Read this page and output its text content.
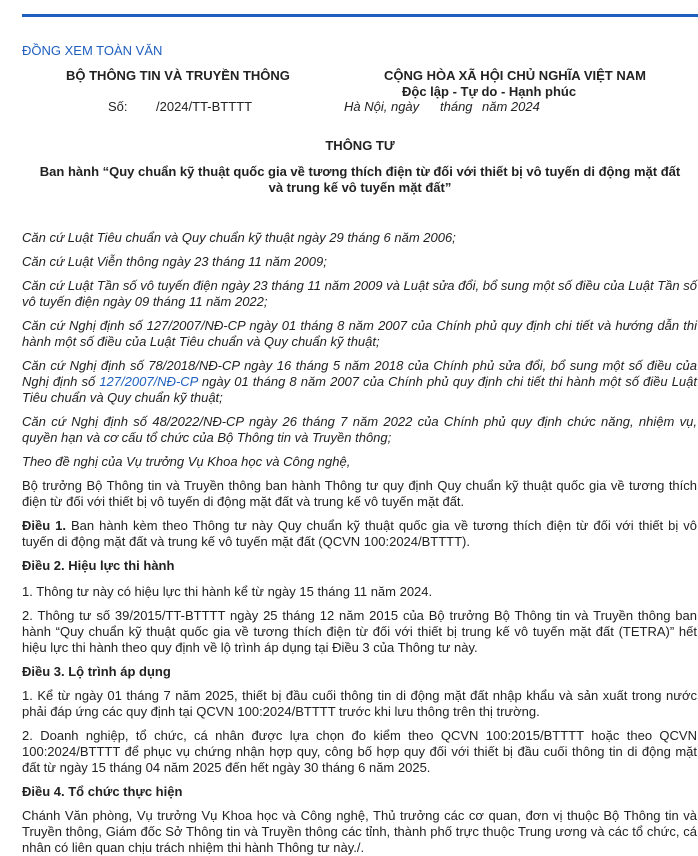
ĐỒNG XEM TOÀN VĂN
BỘ THÔNG TIN VÀ TRUYỀN THÔNG	CỘNG HÒA XÃ HỘI CHỦ NGHĨA VIỆT NAM
Độc lập - Tự do - Hạnh phúc
Số: /2024/TT-BTTTT	Hà Nội, ngày tháng năm 2024
THÔNG TƯ
Ban hành “Quy chuẩn kỹ thuật quốc gia về tương thích điện từ đối với thiết bị vô tuyến di động mặt đất
và trung kế vô tuyến mặt đất”
Căn cứ Luật Tiêu chuẩn và Quy chuẩn kỹ thuật ngày 29 tháng 6 năm 2006;
Căn cứ Luật Viễn thông ngày 23 tháng 11 năm 2009;
Căn cứ Luật Tần số vô tuyến điện ngày 23 tháng 11 năm 2009 và Luật sửa đổi, bổ sung một số điều của Luật Tần số vô tuyến điện ngày 09 tháng 11 năm 2022;
Căn cứ Nghị định số 127/2007/NĐ-CP ngày 01 tháng 8 năm 2007 của Chính phủ quy định chi tiết và hướng dẫn thi hành một số điều của Luật Tiêu chuẩn và Quy chuẩn kỹ thuật;
Căn cứ Nghị định số 78/2018/NĐ-CP ngày 16 tháng 5 năm 2018 của Chính phủ sửa đổi, bổ sung một số điều của Nghị định số 127/2007/NĐ-CP ngày 01 tháng 8 năm 2007 của Chính phủ quy định chi tiết thi hành một số điều Luật Tiêu chuẩn và Quy chuẩn kỹ thuật;
Căn cứ Nghị định số 48/2022/NĐ-CP ngày 26 tháng 7 năm 2022 của Chính phủ quy định chức năng, nhiệm vụ, quyền hạn và cơ cấu tổ chức của Bộ Thông tin và Truyền thông;
Theo đề nghị của Vụ trưởng Vụ Khoa học và Công nghệ,
Bộ trưởng Bộ Thông tin và Truyền thông ban hành Thông tư quy định Quy chuẩn kỹ thuật quốc gia về tương thích điện từ đối với thiết bị vô tuyến di động mặt đất và trung kế vô tuyến mặt đất.
Điều 1. Ban hành kèm theo Thông tư này Quy chuẩn kỹ thuật quốc gia về tương thích điện từ đối với thiết bị vô tuyến di động mặt đất và trung kế vô tuyến mặt đất (QCVN 100:2024/BTTTT).
Điều 2. Hiệu lực thi hành
1. Thông tư này có hiệu lực thi hành kể từ ngày 15 tháng 11 năm 2024.
2. Thông tư số 39/2015/TT-BTTTT ngày 25 tháng 12 năm 2015 của Bộ trưởng Bộ Thông tin và Truyền thông ban hành “Quy chuẩn kỹ thuật quốc gia về tương thích điện từ đối với thiết bị trung kế vô tuyến mặt đất (TETRA)” hết hiệu lực thi hành theo quy định về lộ trình áp dụng tại Điều 3 của Thông tư này.
Điều 3. Lộ trình áp dụng
1. Kể từ ngày 01 tháng 7 năm 2025, thiết bị đầu cuối thông tin di động mặt đất nhập khẩu và sản xuất trong nước phải đáp ứng các quy định tại QCVN 100:2024/BTTTT trước khi lưu thông trên thị trường.
2. Doanh nghiệp, tổ chức, cá nhân được lựa chọn đo kiểm theo QCVN 100:2015/BTTTT hoặc theo QCVN 100:2024/BTTTT để phục vụ chứng nhận hợp quy, công bố hợp quy đối với thiết bị đầu cuối thông tin di động mặt đất từ ngày 15 tháng 04 năm 2025 đến hết ngày 30 tháng 6 năm 2025.
Điều 4. Tổ chức thực hiện
Chánh Văn phòng, Vụ trưởng Vụ Khoa học và Công nghệ, Thủ trưởng các cơ quan, đơn vị thuộc Bộ Thông tin và Truyền thông, Giám đốc Sở Thông tin và Truyền thông các tỉnh, thành phố trực thuộc Trung ương và các tổ chức, cá nhân có liên quan chịu trách nhiệm thi hành Thông tư này./.
